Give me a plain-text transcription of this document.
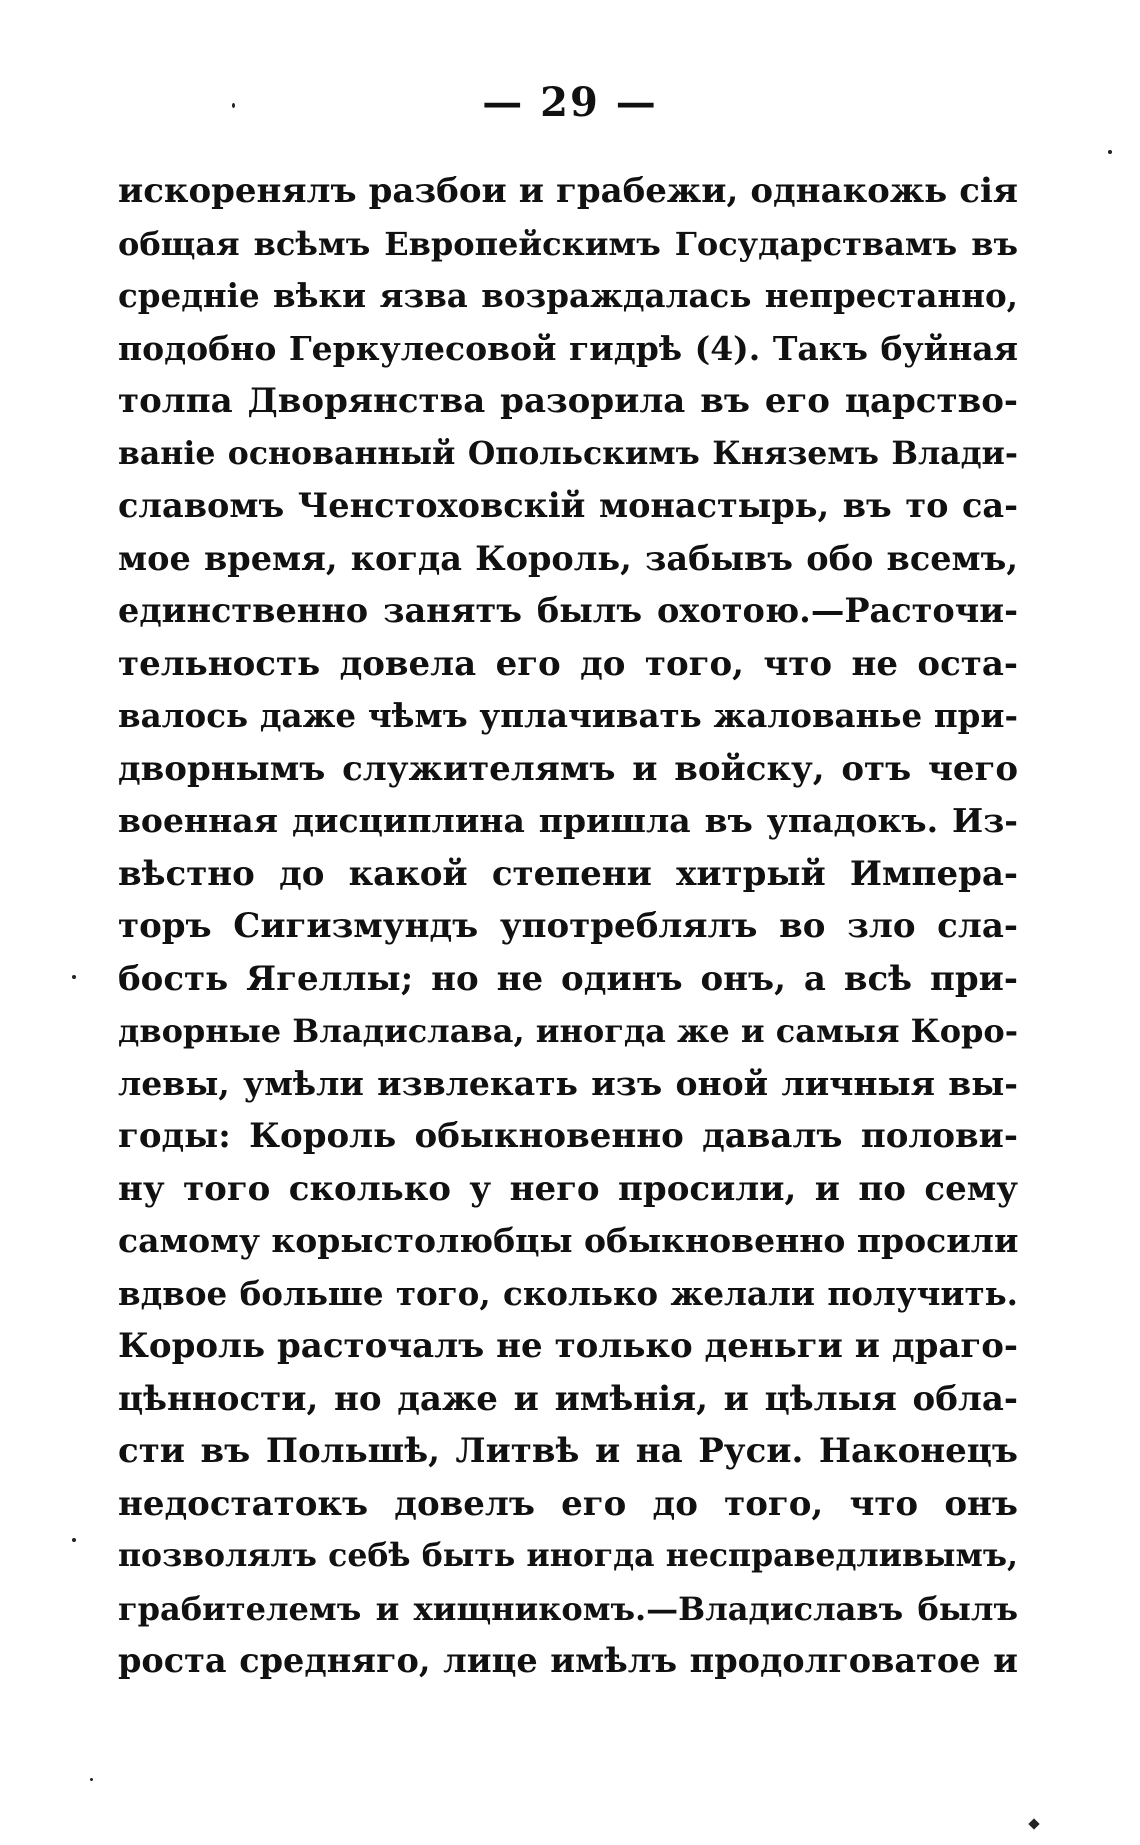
— 29 —
искоренялъ разбои и грабежи, однакожь сія
общая всѣмъ Европейскимъ Государствамъ въ
средніе вѣки язва возраждалась непрестанно,
подобно Геркулесовой гидрѣ (4). Такъ буйная
толпа Дворянства разорила въ его царство-
ваніе основанный Опольскимъ Княземъ Влади-
славомъ Ченстоховскій монастырь, въ то са-
мое время, когда Король, забывъ обо всемъ,
единственно занятъ былъ охотою.—Расточи-
тельность довела его до того, что не оста-
валось даже чѣмъ уплачивать жалованье при-
дворнымъ служителямъ и войску, отъ чего
военная дисциплина пришла въ упадокъ. Из-
вѣстно до какой степени хитрый Импера-
торъ Сигизмундъ употреблялъ во зло сла-
бость Ягеллы; но не одинъ онъ, а всѣ при-
дворные Владислава, иногда же и самыя Коро-
левы, умѣли извлекать изъ оной личныя вы-
годы: Король обыкновенно давалъ полови-
ну того сколько у него просили, и по сему
самому корыстолюбцы обыкновенно просили
вдвое больше того, сколько желали получить.
Король расточалъ не только деньги и драго-
цѣнности, но даже и имѣнія, и цѣлыя обла-
сти въ Польшѣ, Литвѣ и на Руси. Наконецъ
недостатокъ довелъ его до того, что онъ
позволялъ себѣ быть иногда несправедливымъ,
грабителемъ и хищникомъ.—Владиславъ былъ
роста средняго, лице имѣлъ продолговатое и
